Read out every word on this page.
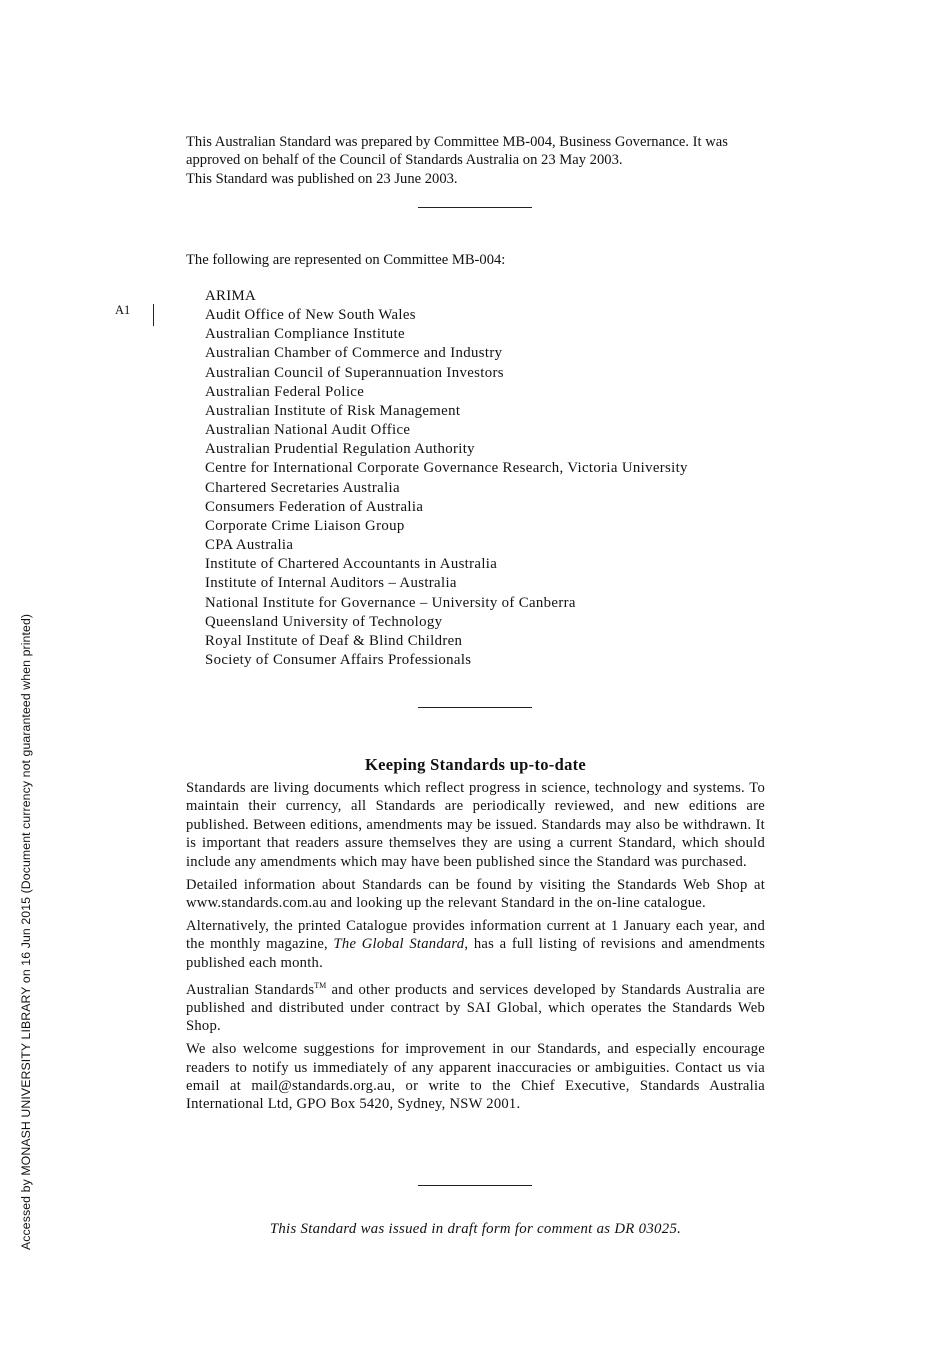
This Australian Standard was prepared by Committee MB-004, Business Governance. It was approved on behalf of the Council of Standards Australia on 23 May 2003.

This Standard was published on 23 June 2003.

The following are represented on Committee MB-004:
A1
ARIMA
Audit Office of New South Wales
Australian Compliance Institute
Australian Chamber of Commerce and Industry
Australian Council of Superannuation Investors
Australian Federal Police
Australian Institute of Risk Management
Australian National Audit Office
Australian Prudential Regulation Authority
Centre for International Corporate Governance Research, Victoria University
Chartered Secretaries Australia
Consumers Federation of Australia
Corporate Crime Liaison Group
CPA Australia
Institute of Chartered Accountants in Australia
Institute of Internal Auditors – Australia
National Institute for Governance – University of Canberra
Queensland University of Technology
Royal Institute of Deaf & Blind Children
Society of Consumer Affairs Professionals
Keeping Standards up-to-date

Standards are living documents which reflect progress in science, technology and systems. To maintain their currency, all Standards are periodically reviewed, and new editions are published. Between editions, amendments may be issued. Standards may also be withdrawn. It is important that readers assure themselves they are using a current Standard, which should include any amendments which may have been published since the Standard was purchased.

Detailed information about Standards can be found by visiting the Standards Web Shop at www.standards.com.au and looking up the relevant Standard in the on-line catalogue.

Alternatively, the printed Catalogue provides information current at 1 January each year, and the monthly magazine, The Global Standard, has a full listing of revisions and amendments published each month.

Australian Standards™ and other products and services developed by Standards Australia are published and distributed under contract by SAI Global, which operates the Standards Web Shop.

We also welcome suggestions for improvement in our Standards, and especially encourage readers to notify us immediately of any apparent inaccuracies or ambiguities. Contact us via email at mail@standards.org.au, or write to the Chief Executive, Standards Australia International Ltd, GPO Box 5420, Sydney, NSW 2001.

This Standard was issued in draft form for comment as DR 03025.

Accessed by MONASH UNIVERSITY LIBRARY on 16 Jun 2015 (Document currency not guaranteed when printed)
